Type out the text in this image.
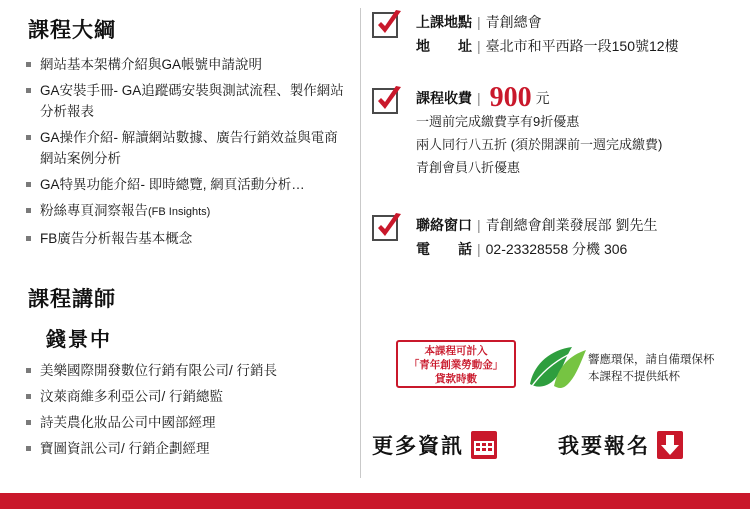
課程大綱
網站基本架構介紹與GA帳號申請說明
GA安裝手冊- GA追蹤碼安裝與測試流程、製作網站分析報表
GA操作介紹- 解讀網站數據、廣告行銷效益與電商網站案例分析
GA特異功能介紹- 即時總覽, 網頁活動分析…
粉絲專頁洞察報告(FB Insights)
FB廣告分析報告基本概念
課程講師
錢景中
美樂國際開發數位行銷有限公司/ 行銷長
汶萊商維多利亞公司/ 行銷總監
詩芙農化妝品公司中國部經理
寶圖資訊公司/ 行銷企劃經理
上課地點 | 青創總會
地　　址 | 臺北市和平西路一段150號12樓
課程收費 | 900 元
一週前完成繳費享有9折優惠
兩人同行八五折 (須於開課前一週完成繳費)
青創會員八折優惠
聯絡窗口 | 青創總會創業發展部 劉先生
電　　話 | 02-23328558 分機 306
本課程可計入
「青年創業勞動金」
貸款時數
響應環保，請自備環保杯
本課程不提供紙杯
更多資訊	我要報名
